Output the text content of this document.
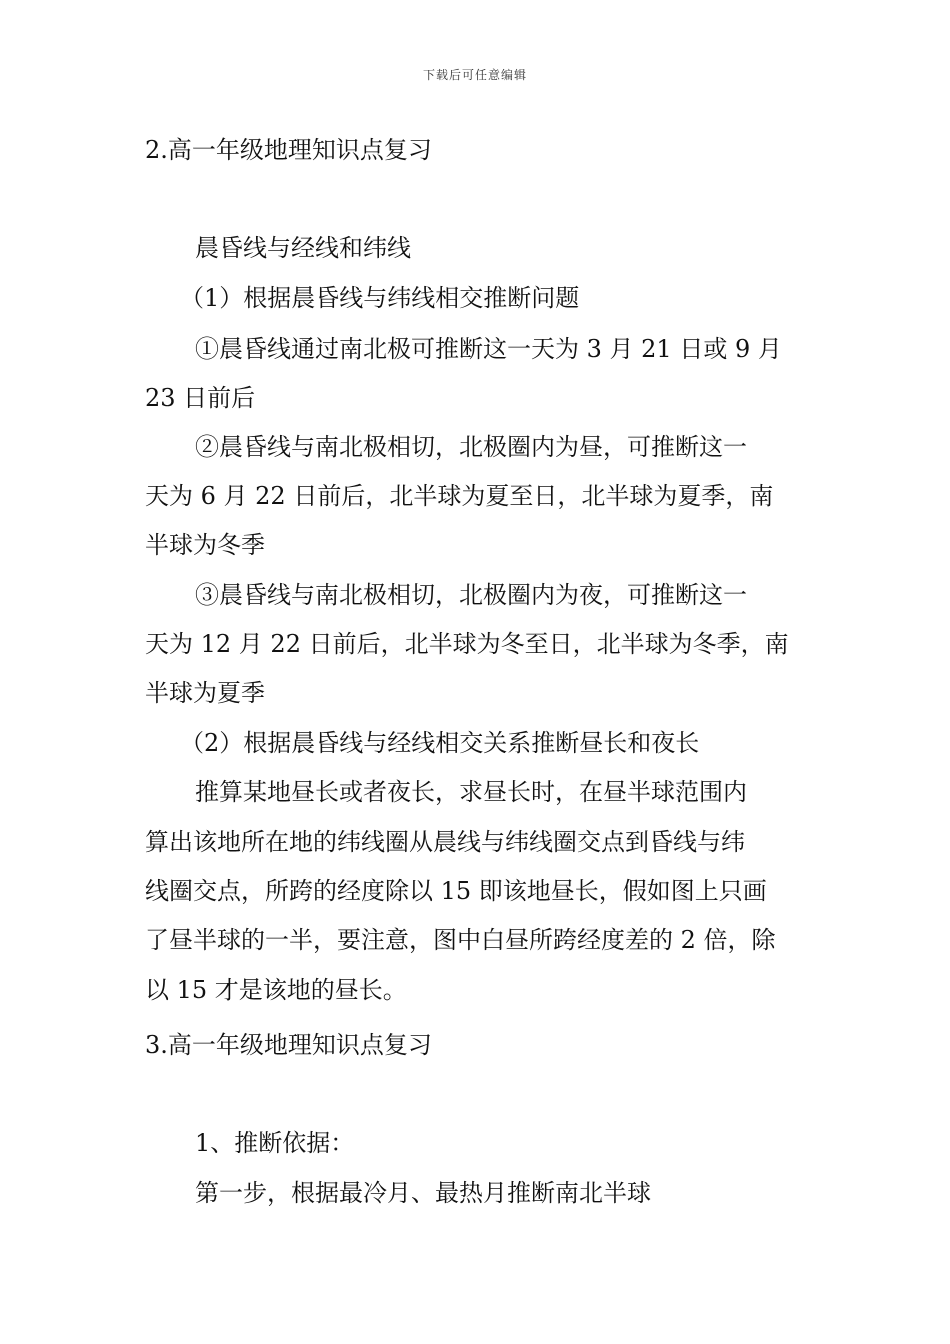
下载后可任意编辑
2.高一年级地理知识点复习
晨昏线与经线和纬线
（1）根据晨昏线与纬线相交推断问题
①晨昏线通过南北极可推断这一天为 3 月 21 日或 9 月
23 日前后
②晨昏线与南北极相切，北极圈内为昼，可推断这一
天为 6 月 22 日前后，北半球为夏至日，北半球为夏季，南
半球为冬季
③晨昏线与南北极相切，北极圈内为夜，可推断这一
天为 12 月 22 日前后，北半球为冬至日，北半球为冬季，南
半球为夏季
（2）根据晨昏线与经线相交关系推断昼长和夜长
推算某地昼长或者夜长，求昼长时，在昼半球范围内
算出该地所在地的纬线圈从晨线与纬线圈交点到昏线与纬
线圈交点，所跨的经度除以 15 即该地昼长，假如图上只画
了昼半球的一半，要注意，图中白昼所跨经度差的 2 倍，除
以 15 才是该地的昼长。
3.高一年级地理知识点复习
1、推断依据：
第一步，根据最冷月、最热月推断南北半球
